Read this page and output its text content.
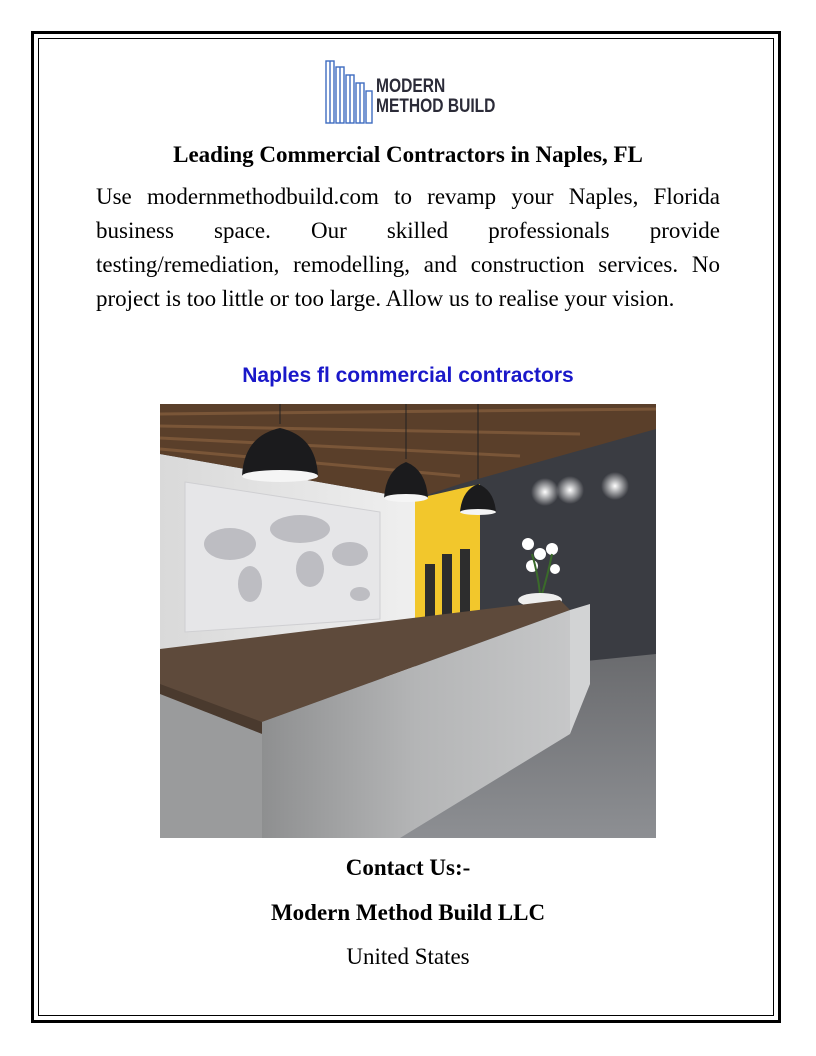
MODERN
METHOD BUILD
Leading Commercial Contractors in Naples, FL
Use modernmethodbuild.com to revamp your Naples, Florida business space. Our skilled professionals provide testing/remediation, remodelling, and construction services. No project is too little or too large. Allow us to realise your vision.
Naples fl commercial contractors
Contact Us:-
Modern Method Build LLC
United States
